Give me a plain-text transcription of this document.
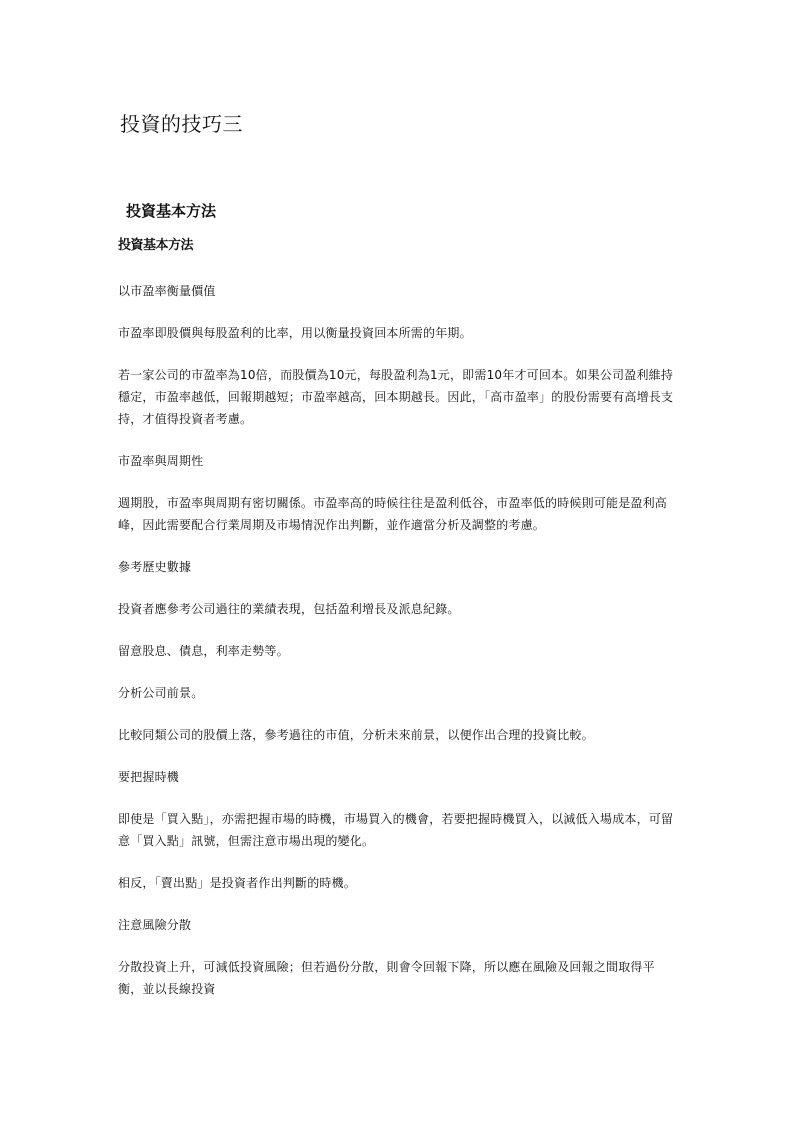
投資的技巧三
投資基本方法
投資基本方法
以市盈率衡量價值
市盈率即股價與每股盈利的比率，用以衡量投資回本所需的年期。
若一家公司的市盈率為10倍，而股價為10元，每股盈利為1元，即需10年才可回本。如果公司盈利維持穩定，市盈率越低，回報期越短；市盈率越高，回本期越長。因此，「高市盈率」的股份需要有高增長支持，才值得投資者考慮。
市盈率與周期性
週期股，市盈率與周期有密切關係。市盈率高的時候往往是盈利低谷，市盈率低的時候則可能是盈利高峰，因此需要配合行業周期及市場情況作出判斷，並作適當分析及調整的考慮。
參考歷史數據
投資者應參考公司過往的業績表現，包括盈利增長及派息紀錄。
留意股息、債息，利率走勢等。
分析公司前景。
比較同類公司的股價上落，參考過往的市值，分析未來前景，以便作出合理的投資比較。
要把握時機
即使是「買入點」，亦需把握市場的時機，市場買入的機會，若要把握時機買入，以減低入場成本，可留意「買入點」訊號，但需注意市場出現的變化。
相反，「賣出點」是投資者作出判斷的時機。
注意風險分散
分散投資上升，可減低投資風險；但若過份分散，則會令回報下降，所以應在風險及回報之間取得平衡，並以長線投資
